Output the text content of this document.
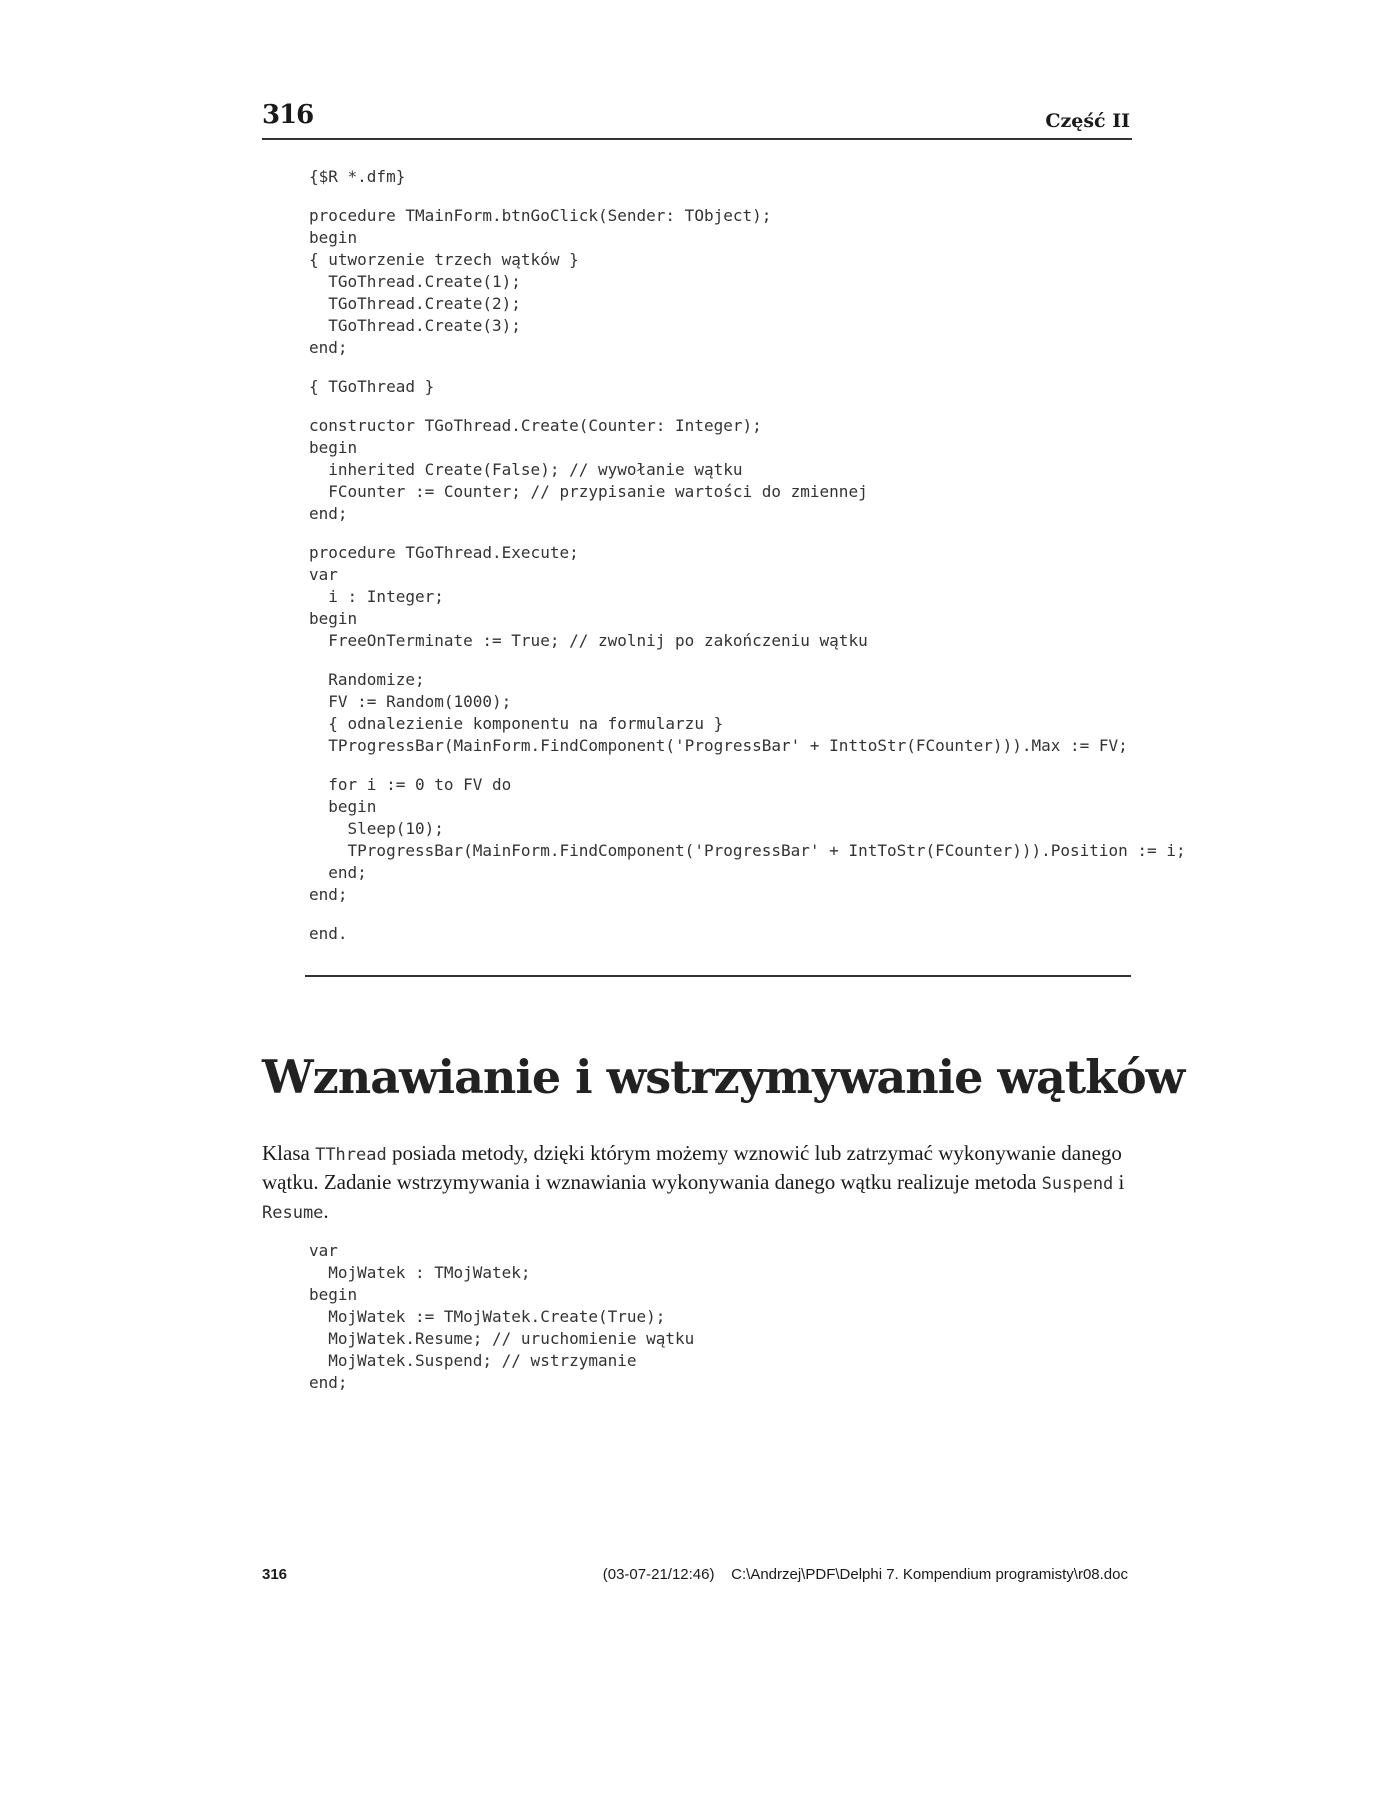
316	Część II
{$R *.dfm}
procedure TMainForm.btnGoClick(Sender: TObject);
begin
{ utworzenie trzech wątków }
TGoThread.Create(1);
TGoThread.Create(2);
TGoThread.Create(3);
end;
{ TGoThread }
constructor TGoThread.Create(Counter: Integer);
begin
inherited Create(False); // wywołanie wątku
FCounter := Counter; // przypisanie wartości do zmiennej
end;
procedure TGoThread.Execute;
var
i : Integer;
begin
FreeOnTerminate := True; // zwolnij po zakończeniu wątku
Randomize;
FV := Random(1000);
{ odnalezienie komponentu na formularzu }
TProgressBar(MainForm.FindComponent('ProgressBar' + InttoStr(FCounter))).Max := FV;
for i := 0 to FV do
begin
Sleep(10);
TProgressBar(MainForm.FindComponent('ProgressBar' + IntToStr(FCounter))).Position := i;
end;
end;
end.
Wznawianie i wstrzymywanie wątków

Klasa TThread posiada metody, dzięki którym możemy wznowić lub zatrzymać wykonywanie danego wątku. Zadanie wstrzymywania i wznawiania wykonywania danego wątku realizuje metoda Suspend i Resume.

var
MojWatek : TMojWatek;
begin
MojWatek := TMojWatek.Create(True);
MojWatek.Resume; // uruchomienie wątku
MojWatek.Suspend; // wstrzymanie
end;
316	(03-07-21/12:46)    C:\Andrzej\PDF\Delphi 7. Kompendium programisty\r08.doc
